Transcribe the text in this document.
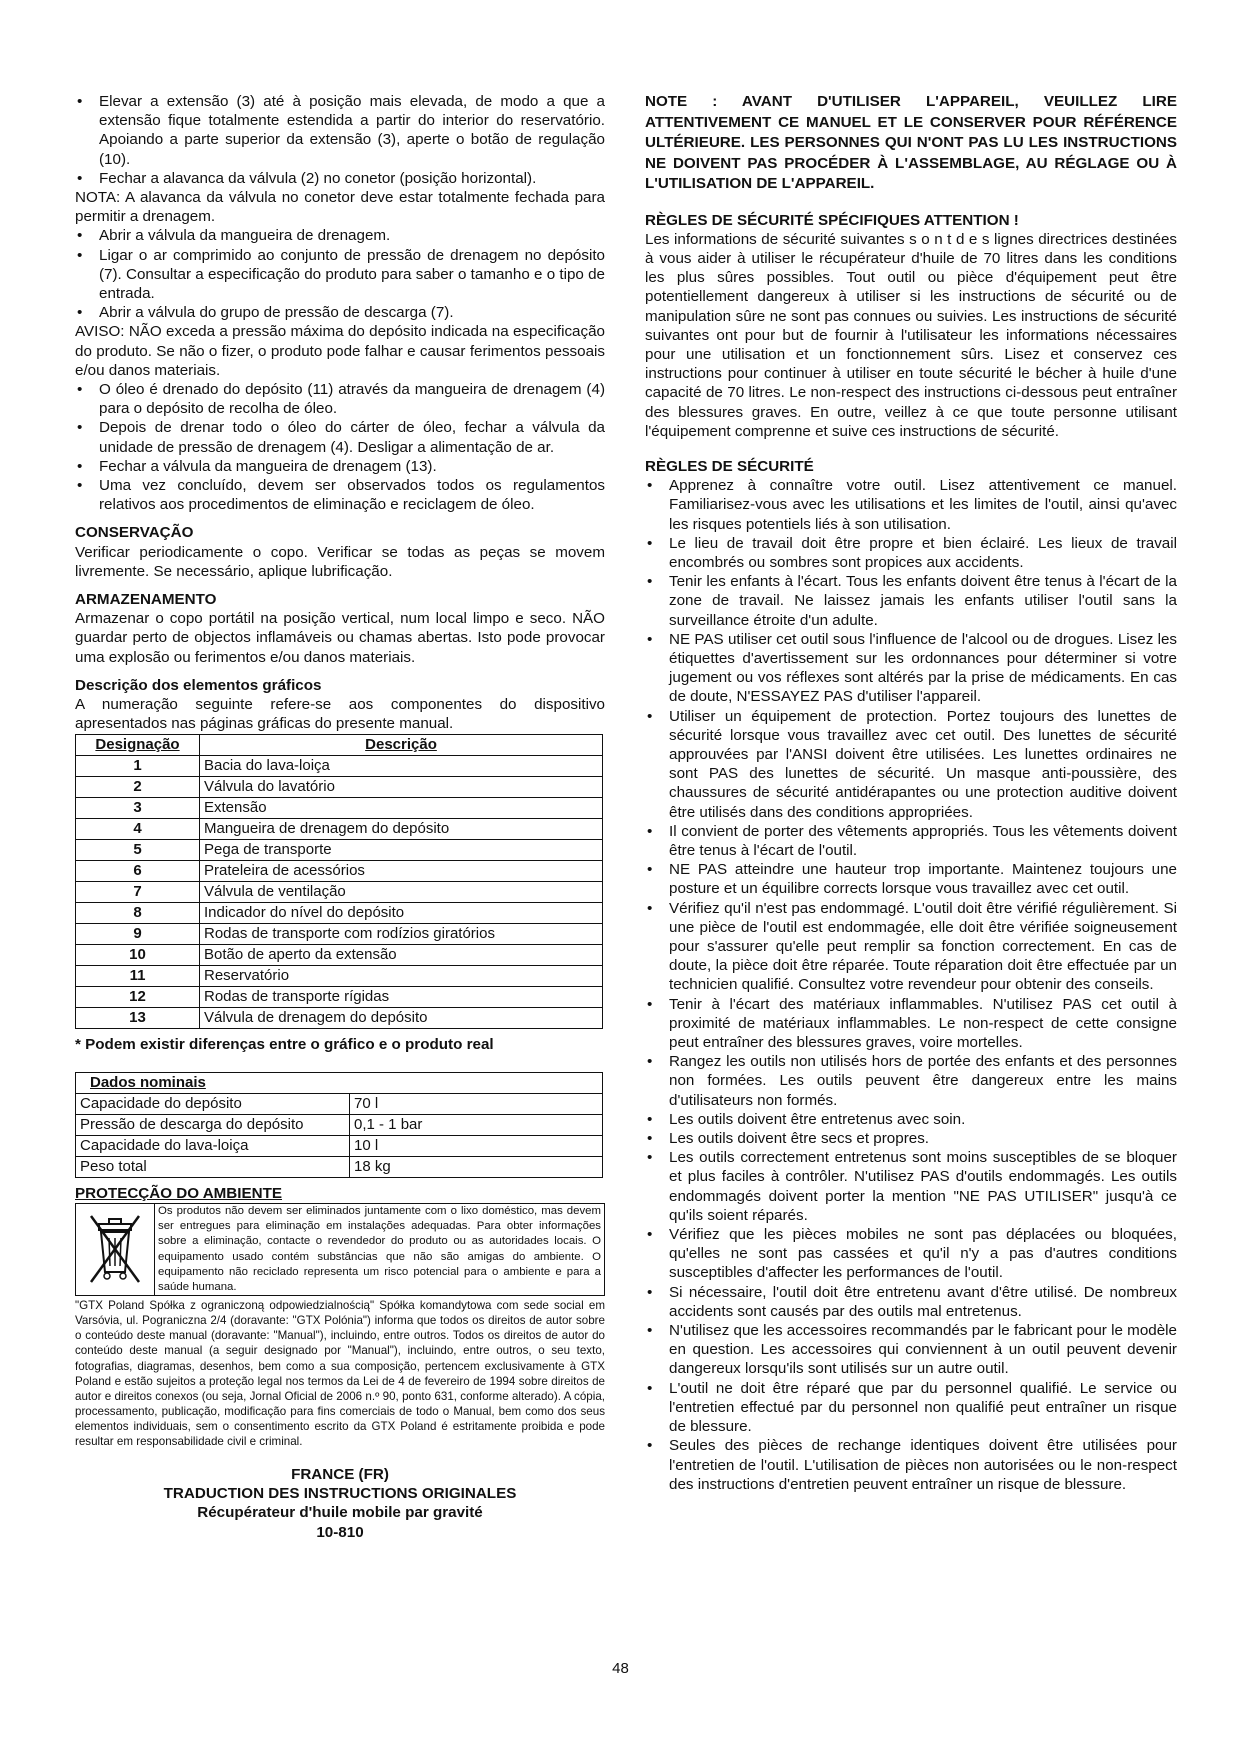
• Elevar a extensão (3) até à posição mais elevada, de modo a que a extensão fique totalmente estendida a partir do interior do reservatório. Apoiando a parte superior da extensão (3), aperte o botão de regulação (10).
• Fechar a alavanca da válvula (2) no conetor (posição horizontal).

NOTA: A alavanca da válvula no conetor deve estar totalmente fechada para permitir a drenagem.

• Abrir a válvula da mangueira de drenagem.
• Ligar o ar comprimido ao conjunto de pressão de drenagem no depósito (7). Consultar a especificação do produto para saber o tamanho e o tipo de entrada.
• Abrir a válvula do grupo de pressão de descarga (7).

AVISO: NÃO exceda a pressão máxima do depósito indicada na especificação do produto. Se não o fizer, o produto pode falhar e causar ferimentos pessoais e/ou danos materiais.

• O óleo é drenado do depósito (11) através da mangueira de drenagem (4) para o depósito de recolha de óleo.
• Depois de drenar todo o óleo do cárter de óleo, fechar a válvula da unidade de pressão de drenagem (4). Desligar a alimentação de ar.
• Fechar a válvula da mangueira de drenagem (13).
• Uma vez concluído, devem ser observados todos os regulamentos relativos aos procedimentos de eliminação e reciclagem de óleo.

CONSERVAÇÃO

Verificar periodicamente o copo. Verificar se todas as peças se movem livremente. Se necessário, aplique lubrificação.

ARMAZENAMENTO

Armazenar o copo portátil na posição vertical, num local limpo e seco. NÃO guardar perto de objectos inflamáveis ou chamas abertas. Isto pode provocar uma explosão ou ferimentos e/ou danos materiais.

Descrição dos elementos gráficos

A numeração seguinte refere-se aos componentes do dispositivo apresentados nas páginas gráficas do presente manual.

Designação	Descrição
1	Bacia do lava-loiça
2	Válvula do lavatório
3	Extensão
4	Mangueira de drenagem do depósito
5	Pega de transporte
6	Prateleira de acessórios
7	Válvula de ventilação
8	Indicador do nível do depósito
9	Rodas de transporte com rodízios giratórios
10	Botão de aperto da extensão
11	Reservatório
12	Rodas de transporte rígidas
13	Válvula de drenagem do depósito

* Podem existir diferenças entre o gráfico e o produto real

Dados nominais	
Capacidade do depósito	70 l
Pressão de descarga do depósito	0,1 - 1 bar
Capacidade do lava-loiça	10 l
Peso total	18 kg

PROTECÇÃO DO AMBIENTE

Os produtos não devem ser eliminados juntamente com o lixo doméstico, mas devem ser entregues para eliminação em instalações adequadas. Para obter informações sobre a eliminação, contacte o revendedor do produto ou as autoridades locais. O equipamento usado contém substâncias que não são amigas do ambiente. O equipamento não reciclado representa um risco potencial para o ambiente e para a saúde humana.

"GTX Poland Spółka z ograniczoną odpowiedzialnością" Spółka komandytowa com sede social em Varsóvia, ul. Pograniczna 2/4 (doravante: "GTX Polónia") informa que todos os direitos de autor sobre o conteúdo deste manual (doravante: "Manual"), incluindo, entre outros. Todos os direitos de autor do conteúdo deste manual (a seguir designado por "Manual"), incluindo, entre outros, o seu texto, fotografias, diagramas, desenhos, bem como a sua composição, pertencem exclusivamente à GTX Poland e estão sujeitos a proteção legal nos termos da Lei de 4 de fevereiro de 1994 sobre direitos de autor e direitos conexos (ou seja, Jornal Oficial de 2006 n.º 90, ponto 631, conforme alterado). A cópia, processamento, publicação, modificação para fins comerciais de todo o Manual, bem como dos seus elementos individuais, sem o consentimento escrito da GTX Poland é estritamente proibida e pode resultar em responsabilidade civil e criminal.

FRANCE (FR)

TRADUCTION DES INSTRUCTIONS ORIGINALES

Récupérateur d'huile mobile par gravité

10-810

NOTE : AVANT D'UTILISER L'APPAREIL, VEUILLEZ LIRE ATTENTIVEMENT CE MANUEL ET LE CONSERVER POUR RÉFÉRENCE ULTÉRIEURE. LES PERSONNES QUI N'ONT PAS LU LES INSTRUCTIONS NE DOIVENT PAS PROCÉDER À L'ASSEMBLAGE, AU RÉGLAGE OU À L'UTILISATION DE L'APPAREIL.

RÈGLES DE SÉCURITÉ SPÉCIFIQUES ATTENTION !

Les informations de sécurité suivantes s o n t d e s lignes directrices destinées à vous aider à utiliser le récupérateur d'huile de 70 litres dans les conditions les plus sûres possibles. Tout outil ou pièce d'équipement peut être potentiellement dangereux à utiliser si les instructions de sécurité ou de manipulation sûre ne sont pas connues ou suivies. Les instructions de sécurité suivantes ont pour but de fournir à l'utilisateur les informations nécessaires pour une utilisation et un fonctionnement sûrs. Lisez et conservez ces instructions pour continuer à utiliser en toute sécurité le bécher à huile d'une capacité de 70 litres. Le non-respect des instructions ci-dessous peut entraîner des blessures graves. En outre, veillez à ce que toute personne utilisant l'équipement comprenne et suive ces instructions de sécurité.

RÈGLES DE SÉCURITÉ

• Apprenez à connaître votre outil. Lisez attentivement ce manuel. Familiarisez-vous avec les utilisations et les limites de l'outil, ainsi qu'avec les risques potentiels liés à son utilisation.
• Le lieu de travail doit être propre et bien éclairé. Les lieux de travail encombrés ou sombres sont propices aux accidents.
• Tenir les enfants à l'écart. Tous les enfants doivent être tenus à l'écart de la zone de travail. Ne laissez jamais les enfants utiliser l'outil sans la surveillance étroite d'un adulte.
• NE PAS utiliser cet outil sous l'influence de l'alcool ou de drogues. Lisez les étiquettes d'avertissement sur les ordonnances pour déterminer si votre jugement ou vos réflexes sont altérés par la prise de médicaments. En cas de doute, N'ESSAYEZ PAS d'utiliser l'appareil.
• Utiliser un équipement de protection. Portez toujours des lunettes de sécurité lorsque vous travaillez avec cet outil. Des lunettes de sécurité approuvées par l'ANSI doivent être utilisées. Les lunettes ordinaires ne sont PAS des lunettes de sécurité. Un masque anti-poussière, des chaussures de sécurité antidérapantes ou une protection auditive doivent être utilisés dans des conditions appropriées.
• Il convient de porter des vêtements appropriés. Tous les vêtements doivent être tenus à l'écart de l'outil.
• NE PAS atteindre une hauteur trop importante. Maintenez toujours une posture et un équilibre corrects lorsque vous travaillez avec cet outil.
• Vérifiez qu'il n'est pas endommagé. L'outil doit être vérifié régulièrement. Si une pièce de l'outil est endommagée, elle doit être vérifiée soigneusement pour s'assurer qu'elle peut remplir sa fonction correctement. En cas de doute, la pièce doit être réparée. Toute réparation doit être effectuée par un technicien qualifié. Consultez votre revendeur pour obtenir des conseils.
• Tenir à l'écart des matériaux inflammables. N'utilisez PAS cet outil à proximité de matériaux inflammables. Le non-respect de cette consigne peut entraîner des blessures graves, voire mortelles.
• Rangez les outils non utilisés hors de portée des enfants et des personnes non formées. Les outils peuvent être dangereux entre les mains d'utilisateurs non formés.
• Les outils doivent être entretenus avec soin.
• Les outils doivent être secs et propres.
• Les outils correctement entretenus sont moins susceptibles de se bloquer et plus faciles à contrôler. N'utilisez PAS d'outils endommagés. Les outils endommagés doivent porter la mention "NE PAS UTILISER" jusqu'à ce qu'ils soient réparés.
• Vérifiez que les pièces mobiles ne sont pas déplacées ou bloquées, qu'elles ne sont pas cassées et qu'il n'y a pas d'autres conditions susceptibles d'affecter les performances de l'outil.
• Si nécessaire, l'outil doit être entretenu avant d'être utilisé. De nombreux accidents sont causés par des outils mal entretenus.
• N'utilisez que les accessoires recommandés par le fabricant pour le modèle en question. Les accessoires qui conviennent à un outil peuvent devenir dangereux lorsqu'ils sont utilisés sur un autre outil.
• L'outil ne doit être réparé que par du personnel qualifié. Le service ou l'entretien effectué par du personnel non qualifié peut entraîner un risque de blessure.
• Seules des pièces de rechange identiques doivent être utilisées pour l'entretien de l'outil. L'utilisation de pièces non autorisées ou le non-respect des instructions d'entretien peuvent entraîner un risque de blessure.
48
